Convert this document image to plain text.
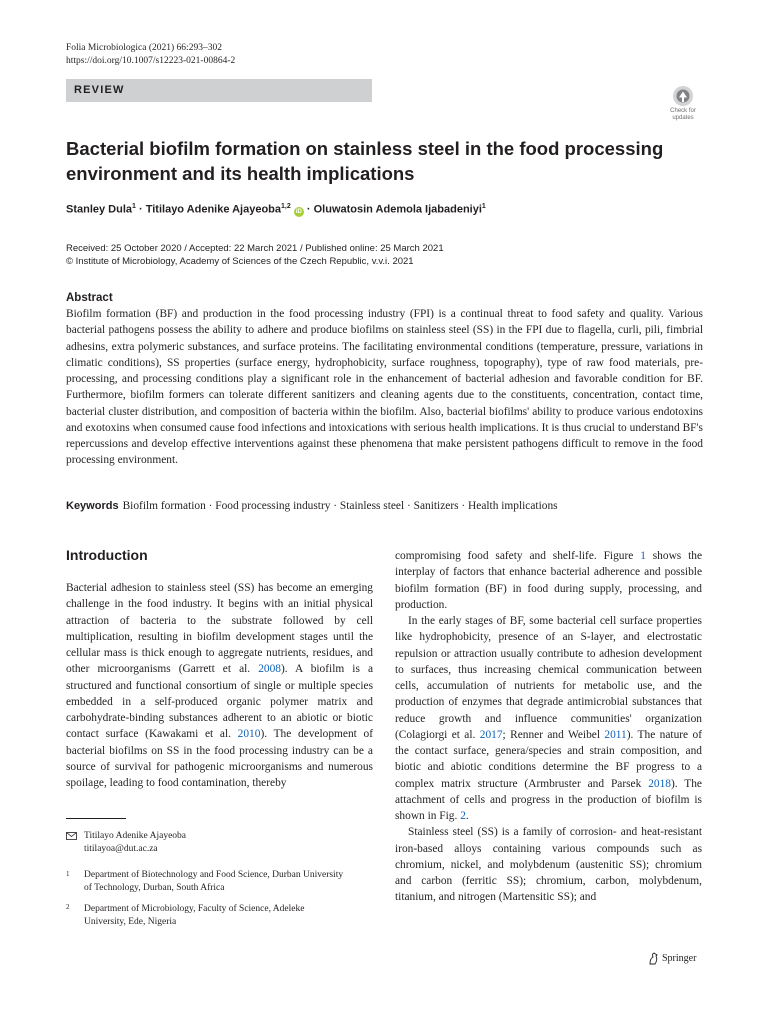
Folia Microbiologica (2021) 66:293–302
https://doi.org/10.1007/s12223-021-00864-2
REVIEW
Check for
updates
Bacterial biofilm formation on stainless steel in the food processing environment and its health implications
Stanley Dula$^1$ · Titilayo Adenike Ajayeoba$^{1,2}$ iD · Oluwatosin Ademola Ijabadeniyi$^1$
Received: 25 October 2020 / Accepted: 22 March 2021 / Published online: 25 March 2021
© Institute of Microbiology, Academy of Sciences of the Czech Republic, v.v.i. 2021
Abstract
Biofilm formation (BF) and production in the food processing industry (FPI) is a continual threat to food safety and quality. Various bacterial pathogens possess the ability to adhere and produce biofilms on stainless steel (SS) in the FPI due to flagella, curli, pili, fimbrial adhesins, extra polymeric substances, and surface proteins. The facilitating environmental conditions (temperature, pressure, variations in climatic conditions), SS properties (surface energy, hydrophobicity, surface roughness, topography), type of raw food materials, pre-processing, and processing conditions play a significant role in the enhancement of bacterial adhesion and favorable condition for BF. Furthermore, biofilm formers can tolerate different sanitizers and cleaning agents due to the constituents, concentration, contact time, bacterial cluster distribution, and composition of bacteria within the biofilm. Also, bacterial biofilms' ability to produce various endotoxins and exotoxins when consumed cause food infections and intoxications with serious health implications. It is thus crucial to understand BF's repercussions and develop effective interventions against these phenomena that make persistent pathogens difficult to remove in the food processing environment.
Keywords Biofilm formation · Food processing industry · Stainless steel · Sanitizers · Health implications
Introduction

Bacterial adhesion to stainless steel (SS) has become an emerging challenge in the food industry. It begins with an initial physical attraction of bacteria to the substrate followed by cell multiplication, resulting in biofilm development stages until the cellular mass is thick enough to aggregate nutrients, residues, and other microorganisms (Garrett et al. 2008). A biofilm is a structured and functional consortium of single or multiple species embedded in a self-produced organic polymer matrix and carbohydrate-binding substances adherent to an abiotic or biotic contact surface (Kawakami et al. 2010). The development of bacterial biofilms on SS in the food processing industry can be a source of survival for pathogenic microorganisms and numerous spoilage, leading to food contamination, thereby

compromising food safety and shelf-life. Figure 1 shows the interplay of factors that enhance bacterial adherence and possible biofilm formation (BF) in food during supply, processing, and production.

In the early stages of BF, some bacterial cell surface properties like hydrophobicity, presence of an S-layer, and electrostatic repulsion or attraction usually contribute to adhesion development to surfaces, thus increasing chemical communication between cells, accumulation of nutrients for metabolic use, and the production of enzymes that degrade antimicrobial substances that reduce growth and influence communities' organization (Colagiorgi et al. 2017; Renner and Weibel 2011). The nature of the contact surface, genera/species and strain composition, and biotic and abiotic conditions determine the BF progress to a complex matrix structure (Armbruster and Parsek 2018). The attachment of cells and progress in the production of biofilm is shown in Fig. 2.

Stainless steel (SS) is a family of corrosion- and heat-resistant iron-based alloys containing various compounds such as chromium, nickel, and molybdenum (austenitic SS); chromium and carbon (ferritic SS); chromium, carbon, molybdenum, titanium, and nitrogen (Martensitic SS); and

Titilayo Adenike Ajayeoba
titilayoa@dut.ac.za
1 Department of Biotechnology and Food Science, Durban University of Technology, Durban, South Africa
2 Department of Microbiology, Faculty of Science, Adeleke University, Ede, Nigeria
Springer
